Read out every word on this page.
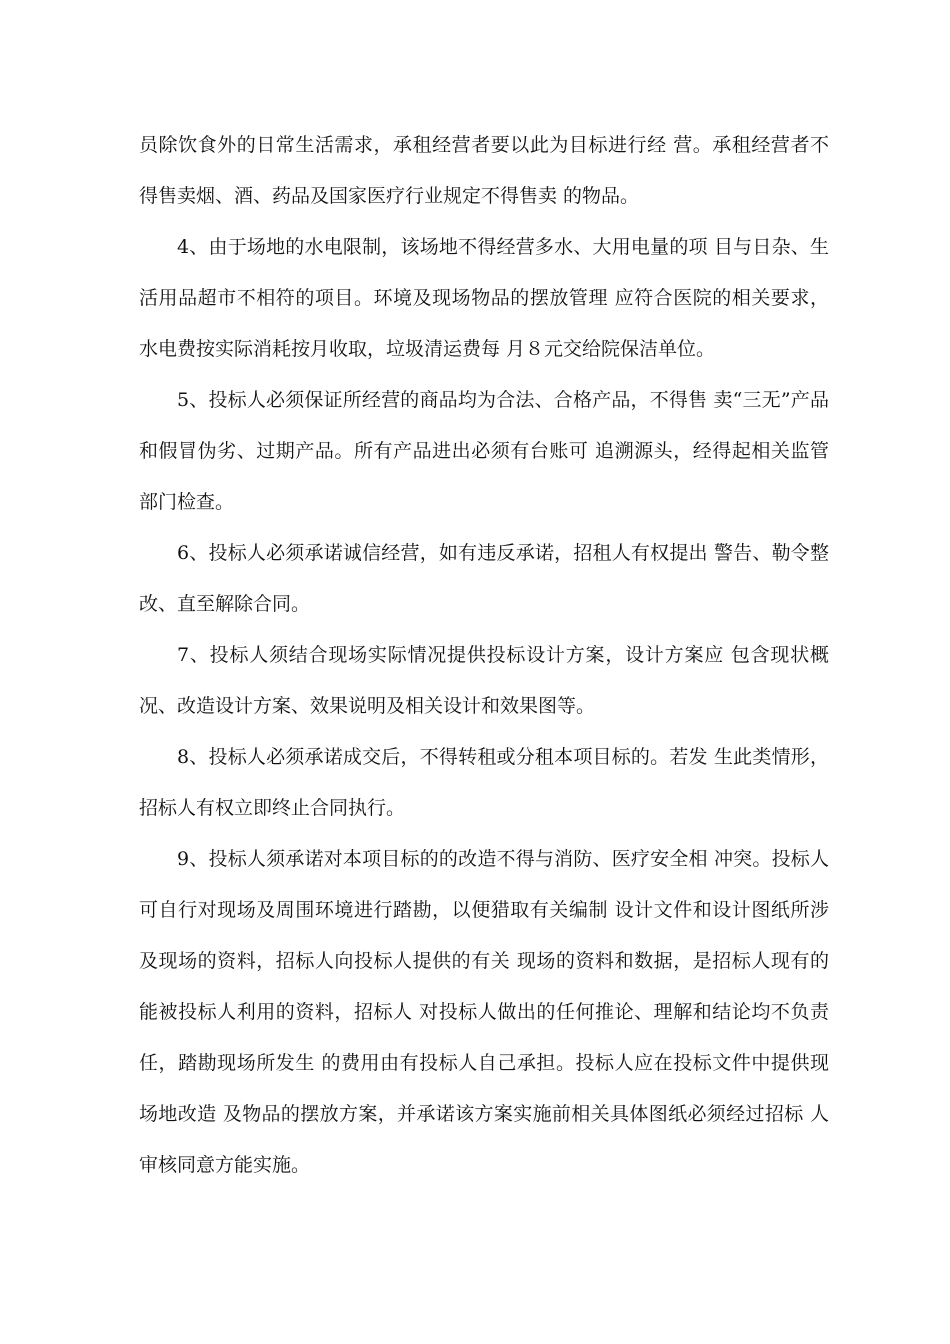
员除饮食外的日常生活需求，承租经营者要以此为目标进行经 营。承租经营者不得售卖烟、酒、药品及国家医疗行业规定不得售卖 的物品。

4、由于场地的水电限制，该场地不得经营多水、大用电量的项 目与日杂、生活用品超市不相符的项目。环境及现场物品的摆放管理 应符合医院的相关要求，水电费按实际消耗按月收取，垃圾清运费每 月８元交给院保洁单位。

5、投标人必须保证所经营的商品均为合法、合格产品，不得售 卖“三无”产品和假冒伪劣、过期产品。所有产品进出必须有台账可 追溯源头，经得起相关监管部门检查。

6、投标人必须承诺诚信经营，如有违反承诺，招租人有权提出 警告、勒令整改、直至解除合同。

7、投标人须结合现场实际情况提供投标设计方案，设计方案应 包含现状概况、改造设计方案、效果说明及相关设计和效果图等。

8、投标人必须承诺成交后，不得转租或分租本项目标的。若发 生此类情形，招标人有权立即终止合同执行。

9、投标人须承诺对本项目标的的改造不得与消防、医疗安全相 冲突。投标人可自行对现场及周围环境进行踏勘，以便猎取有关编制 设计文件和设计图纸所涉及现场的资料，招标人向投标人提供的有关 现场的资料和数据，是招标人现有的能被投标人利用的资料，招标人 对投标人做出的任何推论、理解和结论均不负责任，踏勘现场所发生 的费用由有投标人自己承担。投标人应在投标文件中提供现场地改造 及物品的摆放方案，并承诺该方案实施前相关具体图纸必须经过招标 人审核同意方能实施。
